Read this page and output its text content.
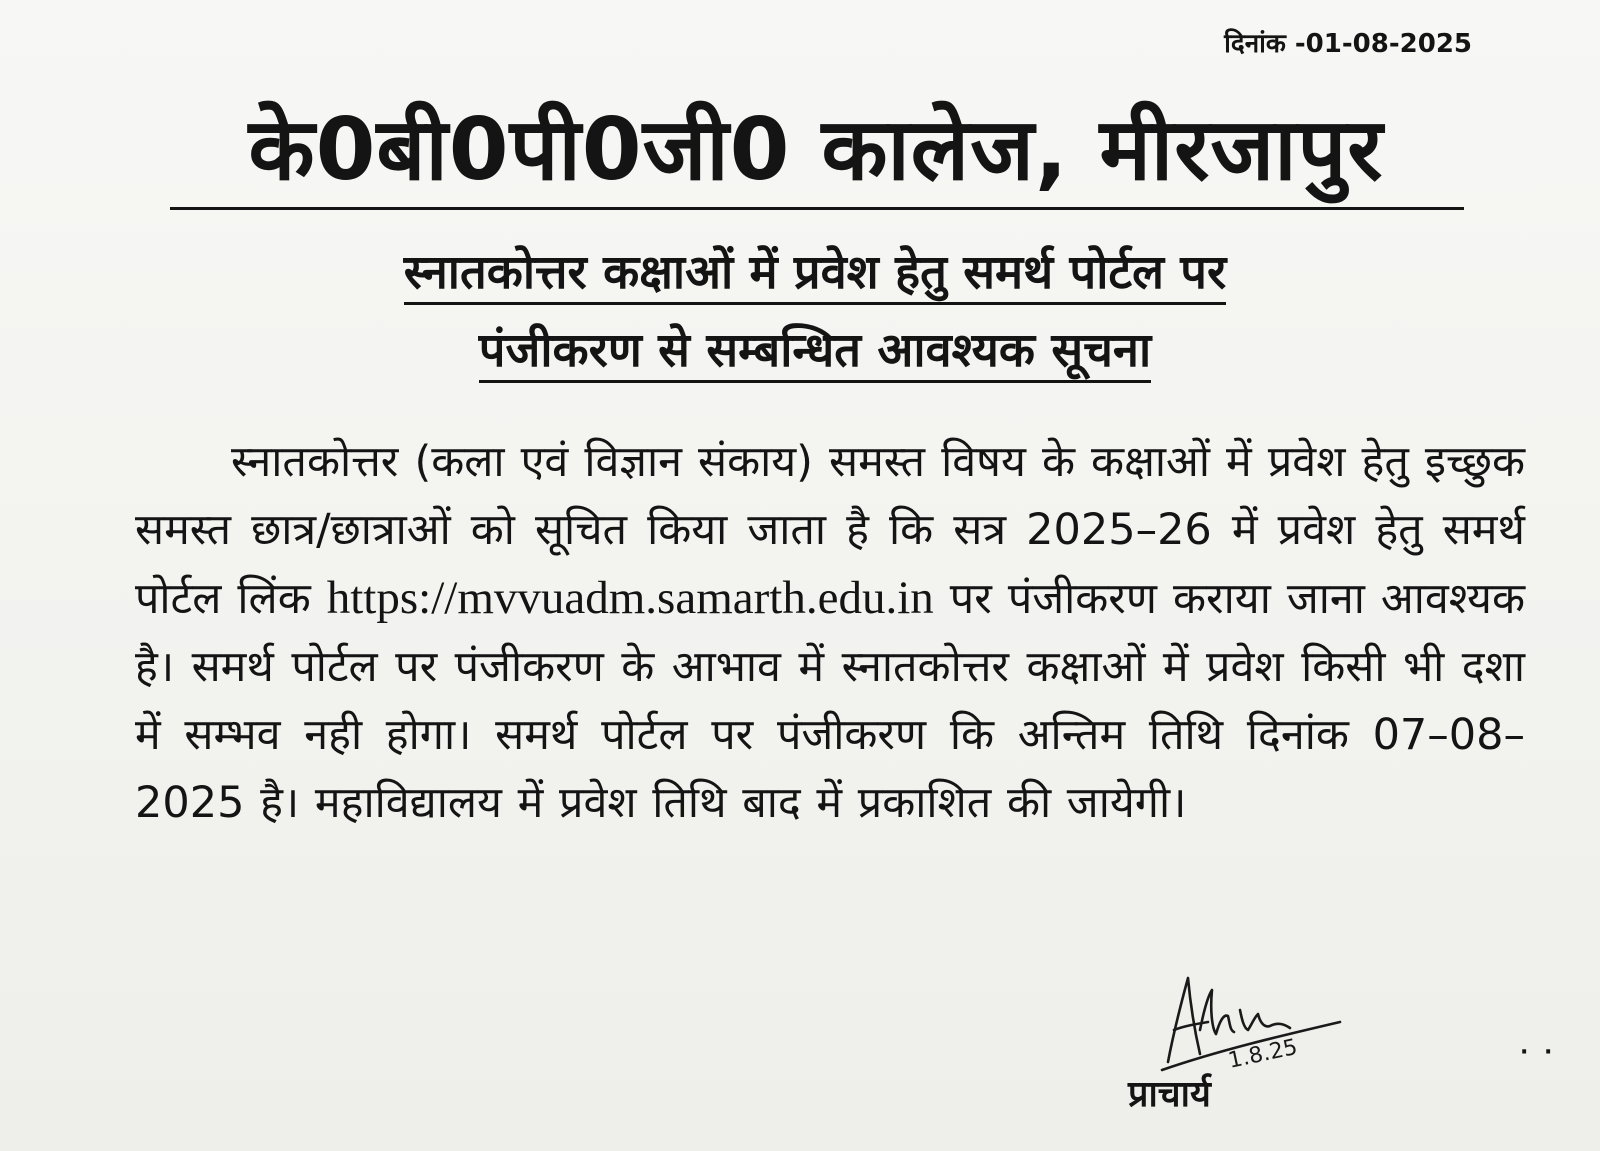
दिनांक -01-08-2025
के0बी0पी0जी0 कालेज, मीरजापुर
स्नातकोत्तर कक्षाओं में प्रवेश हेतु समर्थ पोर्टल पर
पंजीकरण से सम्बन्धित आवश्यक सूचना
स्नातकोत्तर (कला एवं विज्ञान संकाय) समस्त विषय के कक्षाओं में प्रवेश हेतु इच्छुक समस्त छात्र/छात्राओं को सूचित किया जाता है कि सत्र 2025–26 में प्रवेश हेतु समर्थ पोर्टल लिंक https://mvvuadm.samarth.edu.in पर पंजीकरण कराया जाना आवश्यक है। समर्थ पोर्टल पर पंजीकरण के आभाव में स्नातकोत्तर कक्षाओं में प्रवेश किसी भी दशा में सम्भव नही होगा। समर्थ पोर्टल पर पंजीकरण कि अन्तिम तिथि दिनांक 07–08–2025 है। महाविद्यालय में प्रवेश तिथि बाद में प्रकाशित की जायेगी।
1.8.25
प्राचार्य
· ·
